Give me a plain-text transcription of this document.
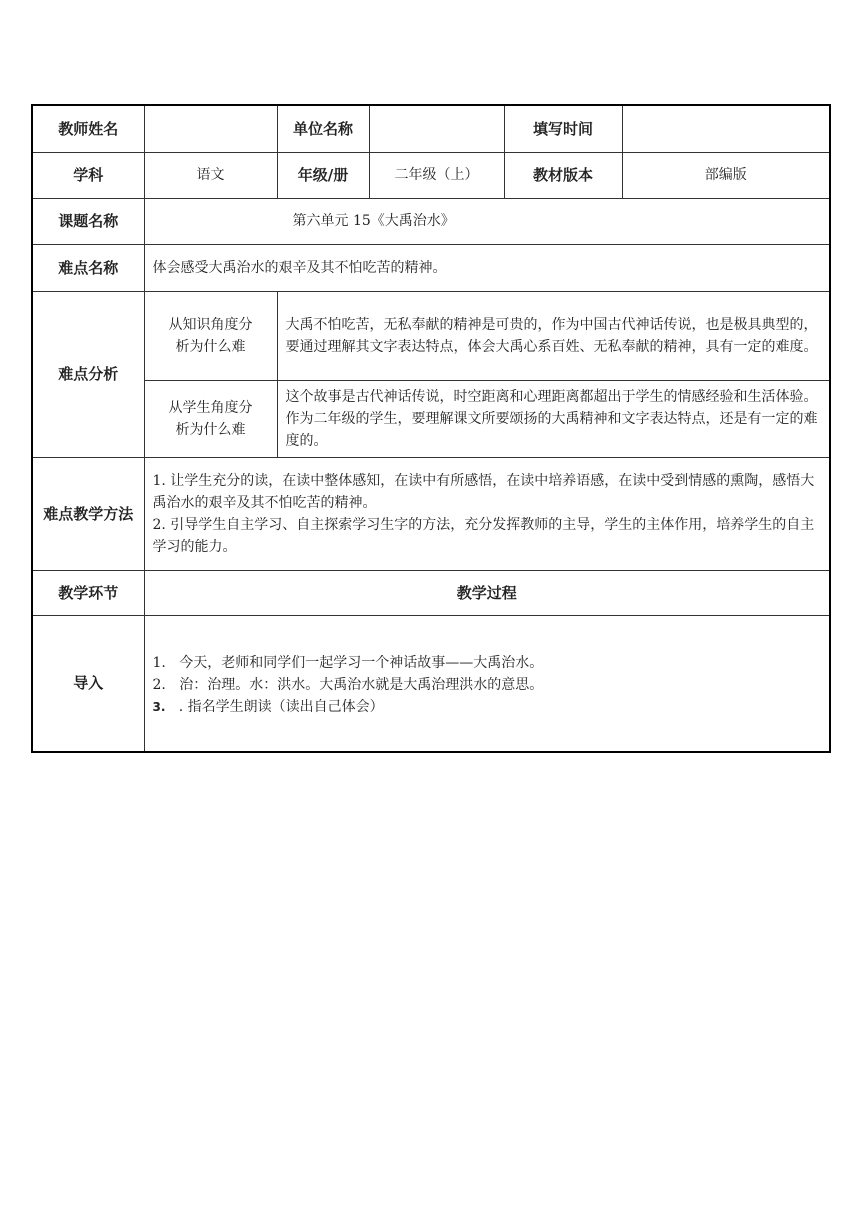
教师姓名		单位名称		填写时间	
学科	语文	年级/册	二年级（上）	教材版本	部编版
课题名称	第六单元 15《大禹治水》				
难点名称	体会感受大禹治水的艰辛及其不怕吃苦的精神。				
难点分析	从知识角度分析为什么难	大禹不怕吃苦，无私奉献的精神是可贵的，作为中国古代神话传说，也是极具典型的，要通过理解其文字表达特点，体会大禹心系百姓、无私奉献的精神，具有一定的难度。			
	从学生角度分析为什么难	这个故事是古代神话传说，时空距离和心理距离都超出于学生的情感经验和生活体验。作为二年级的学生，要理解课文所要颂扬的大禹精神和文字表达特点，还是有一定的难度的。			
难点教学方法	1. 让学生充分的读，在读中整体感知，在读中有所感悟，在读中培养语感，在读中受到情感的熏陶，感悟大禹治水的艰辛及其不怕吃苦的精神。
2. 引导学生自主学习、自主探索学习生字的方法，充分发挥教师的主导，学生的主体作用，培养学生的自主学习的能力。				

教学环节	教学过程				
导入	1. 今天，老师和同学们一起学习一个神话故事——大禹治水。
2. 治：治理。水：洪水。大禹治水就是大禹治理洪水的意思。
3. . 指名学生朗读（读出自己体会）				
